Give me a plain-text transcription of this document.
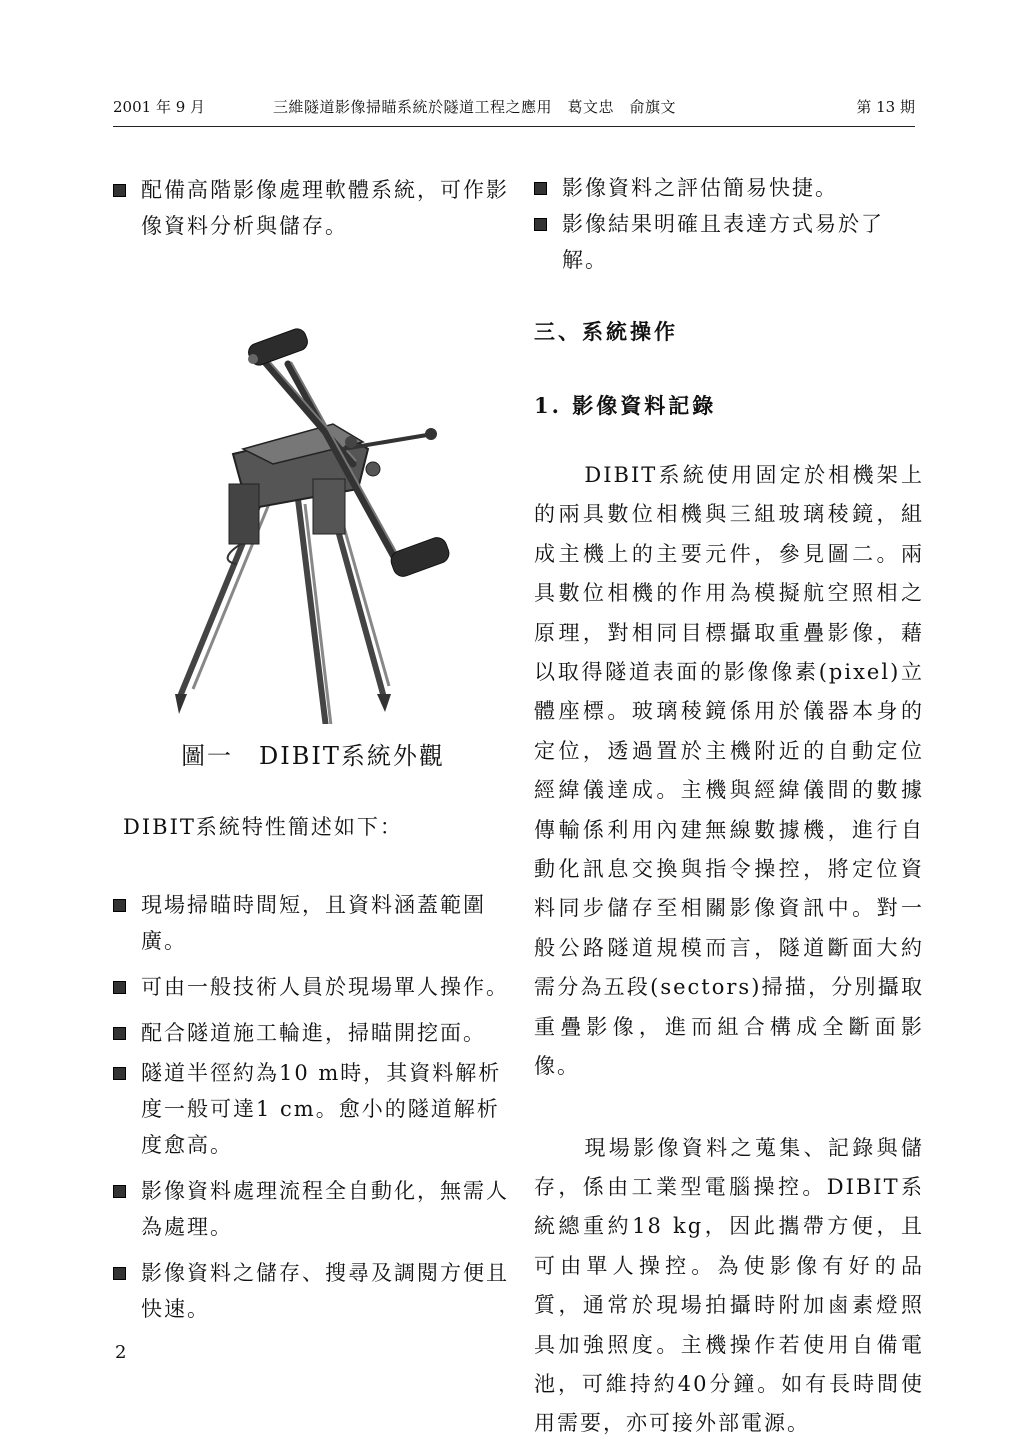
2001 年 9 月	三維隧道影像掃瞄系統於隧道工程之應用　葛文忠　俞旗文	第 13 期
配備高階影像處理軟體系統，可作影像資料分析與儲存。
圖一　DIBIT系統外觀
DIBIT系統特性簡述如下：
現場掃瞄時間短，且資料涵蓋範圍廣。
可由一般技術人員於現場單人操作。
配合隧道施工輪進，掃瞄開挖面。
隧道半徑約為10 m時，其資料解析度一般可達1 cm。愈小的隧道解析度愈高。
影像資料處理流程全自動化，無需人為處理。
影像資料之儲存、搜尋及調閱方便且快速。
影像資料之評估簡易快捷。
影像結果明確且表達方式易於了解。
三、系統操作
1. 影像資料記錄
DIBIT系統使用固定於相機架上的兩具數位相機與三組玻璃稜鏡，組成主機上的主要元件，參見圖二。兩具數位相機的作用為模擬航空照相之原理，對相同目標攝取重疊影像，藉以取得隧道表面的影像像素(pixel)立體座標。玻璃稜鏡係用於儀器本身的定位，透過置於主機附近的自動定位經緯儀達成。主機與經緯儀間的數據傳輸係利用內建無線數據機，進行自動化訊息交換與指令操控，將定位資料同步儲存至相關影像資訊中。對一般公路隧道規模而言，隧道斷面大約需分為五段(sectors)掃描，分別攝取重疊影像，進而組合構成全斷面影像。
現場影像資料之蒐集、記錄與儲存，係由工業型電腦操控。DIBIT系統總重約18 kg，因此攜帶方便，且可由單人操控。為使影像有好的品質，通常於現場拍攝時附加鹵素燈照具加強照度。主機操作若使用自備電池，可維持約40分鐘。如有長時間使用需要，亦可接外部電源。
2
